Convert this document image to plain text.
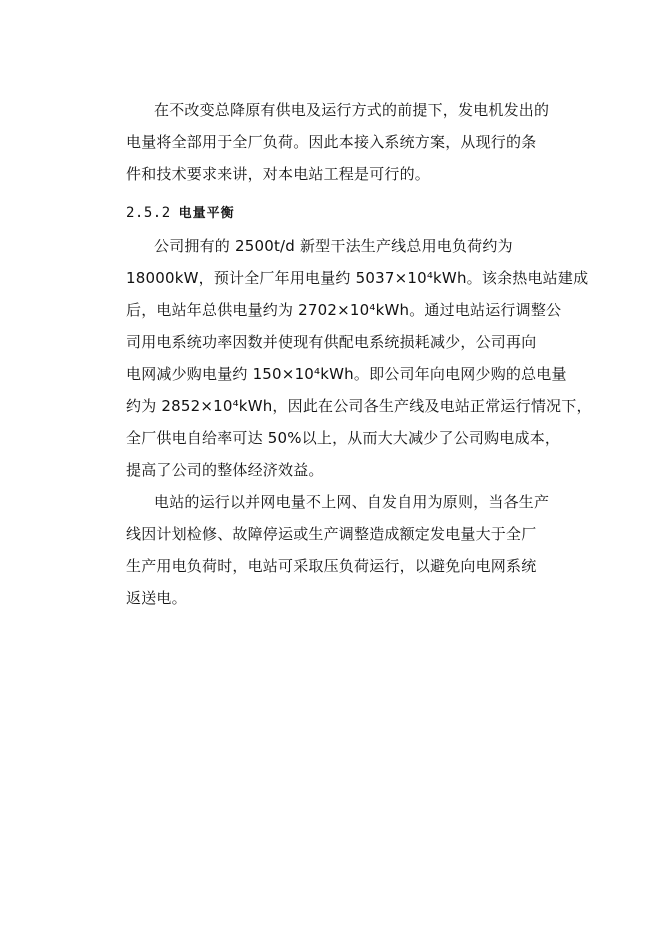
在不改变总降原有供电及运行方式的前提下，发电机发出的
电量将全部用于全厂负荷。因此本接入系统方案，从现行的条
件和技术要求来讲，对本电站工程是可行的。
2.5.2 电量平衡
公司拥有的 2500t/d 新型干法生产线总用电负荷约为
18000kW，预计全厂年用电量约 5037×10⁴kWh。该余热电站建成
后，电站年总供电量约为 2702×10⁴kWh。通过电站运行调整公
司用电系统功率因数并使现有供配电系统损耗减少，公司再向
电网减少购电量约 150×10⁴kWh。即公司年向电网少购的总电量
约为 2852×10⁴kWh，因此在公司各生产线及电站正常运行情况下，
全厂供电自给率可达 50%以上，从而大大减少了公司购电成本，
提高了公司的整体经济效益。
电站的运行以并网电量不上网、自发自用为原则，当各生产
线因计划检修、故障停运或生产调整造成额定发电量大于全厂
生产用电负荷时，电站可采取压负荷运行，以避免向电网系统
返送电。
